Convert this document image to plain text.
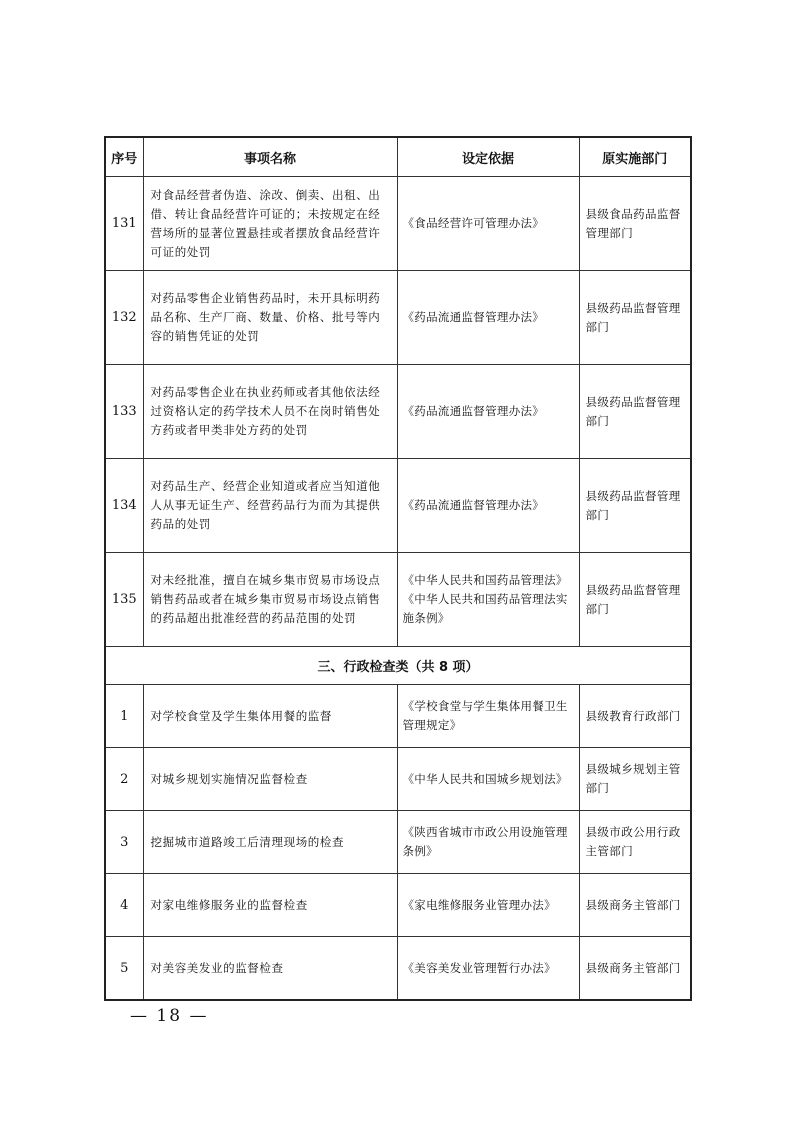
序号	事项名称	设定依据	原实施部门
131	对食品经营者伪造、涂改、倒卖、出租、出借、转让食品经营许可证的；未按规定在经营场所的显著位置悬挂或者摆放食品经营许可证的处罚	《食品经营许可管理办法》	县级食品药品监督管理部门
132	对药品零售企业销售药品时，未开具标明药品名称、生产厂商、数量、价格、批号等内容的销售凭证的处罚	《药品流通监督管理办法》	县级药品监督管理部门
133	对药品零售企业在执业药师或者其他依法经过资格认定的药学技术人员不在岗时销售处方药或者甲类非处方药的处罚	《药品流通监督管理办法》	县级药品监督管理部门
134	对药品生产、经营企业知道或者应当知道他人从事无证生产、经营药品行为而为其提供药品的处罚	《药品流通监督管理办法》	县级药品监督管理部门
135	对未经批准，擅自在城乡集市贸易市场设点销售药品或者在城乡集市贸易市场设点销售的药品超出批准经营的药品范围的处罚	《中华人民共和国药品管理法》《中华人民共和国药品管理法实施条例》	县级药品监督管理部门
三、行政检查类（共 8 项）			
1	对学校食堂及学生集体用餐的监督	《学校食堂与学生集体用餐卫生管理规定》	县级教育行政部门
2	对城乡规划实施情况监督检查	《中华人民共和国城乡规划法》	县级城乡规划主管部门
3	挖掘城市道路竣工后清理现场的检查	《陕西省城市市政公用设施管理条例》	县级市政公用行政主管部门
4	对家电维修服务业的监督检查	《家电维修服务业管理办法》	县级商务主管部门
5	对美容美发业的监督检查	《美容美发业管理暂行办法》	县级商务主管部门
— 18 —
